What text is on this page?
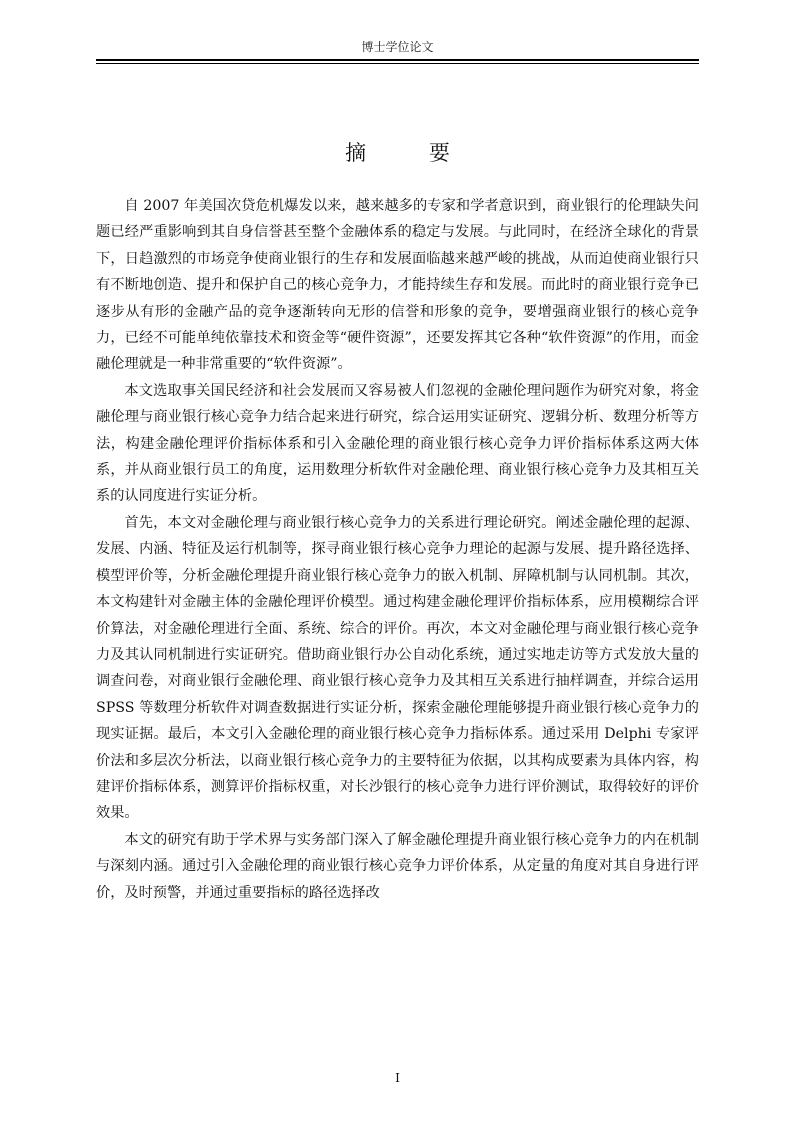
博士学位论文
摘 要

自 2007 年美国次贷危机爆发以来，越来越多的专家和学者意识到，商业银行的伦理缺失问题已经严重影响到其自身信誉甚至整个金融体系的稳定与发展。与此同时，在经济全球化的背景下，日趋激烈的市场竞争使商业银行的生存和发展面临越来越严峻的挑战，从而迫使商业银行只有不断地创造、提升和保护自己的核心竞争力，才能持续生存和发展。而此时的商业银行竞争已逐步从有形的金融产品的竞争逐渐转向无形的信誉和形象的竞争，要增强商业银行的核心竞争力，已经不可能单纯依靠技术和资金等“硬件资源”，还要发挥其它各种“软件资源”的作用，而金融伦理就是一种非常重要的“软件资源”。

本文选取事关国民经济和社会发展而又容易被人们忽视的金融伦理问题作为研究对象，将金融伦理与商业银行核心竞争力结合起来进行研究，综合运用实证研究、逻辑分析、数理分析等方法，构建金融伦理评价指标体系和引入金融伦理的商业银行核心竞争力评价指标体系这两大体系，并从商业银行员工的角度，运用数理分析软件对金融伦理、商业银行核心竞争力及其相互关系的认同度进行实证分析。

首先，本文对金融伦理与商业银行核心竞争力的关系进行理论研究。阐述金融伦理的起源、发展、内涵、特征及运行机制等，探寻商业银行核心竞争力理论的起源与发展、提升路径选择、模型评价等，分析金融伦理提升商业银行核心竞争力的嵌入机制、屏障机制与认同机制。其次，本文构建针对金融主体的金融伦理评价模型。通过构建金融伦理评价指标体系，应用模糊综合评价算法，对金融伦理进行全面、系统、综合的评价。再次，本文对金融伦理与商业银行核心竞争力及其认同机制进行实证研究。借助商业银行办公自动化系统，通过实地走访等方式发放大量的调查问卷，对商业银行金融伦理、商业银行核心竞争力及其相互关系进行抽样调查，并综合运用 SPSS 等数理分析软件对调查数据进行实证分析，探索金融伦理能够提升商业银行核心竞争力的现实证据。最后，本文引入金融伦理的商业银行核心竞争力指标体系。通过采用 Delphi 专家评价法和多层次分析法，以商业银行核心竞争力的主要特征为依据，以其构成要素为具体内容，构建评价指标体系，测算评价指标权重，对长沙银行的核心竞争力进行评价测试，取得较好的评价效果。

本文的研究有助于学术界与实务部门深入了解金融伦理提升商业银行核心竞争力的内在机制与深刻内涵。通过引入金融伦理的商业银行核心竞争力评价体系，从定量的角度对其自身进行评价，及时预警，并通过重要指标的路径选择改

I
